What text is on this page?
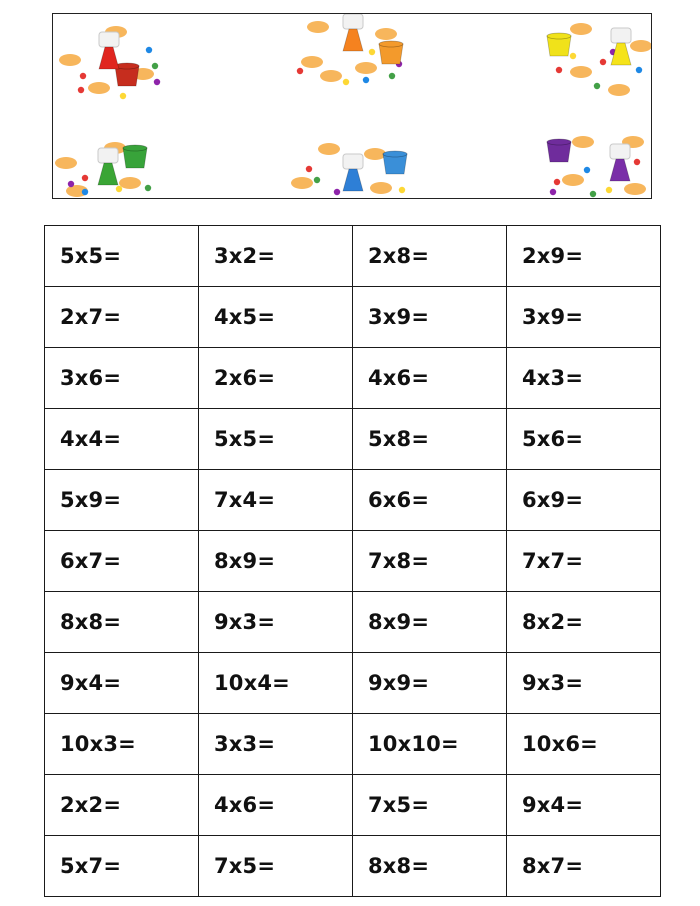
5x5=	3x2=	2x8=	2x9=
2x7=	4x5=	3x9=	3x9=
3x6=	2x6=	4x6=	4x3=
4x4=	5x5=	5x8=	5x6=
5x9=	7x4=	6x6=	6x9=
6x7=	8x9=	7x8=	7x7=
8x8=	9x3=	8x9=	8x2=
9x4=	10x4=	9x9=	9x3=
10x3=	3x3=	10x10=	10x6=
2x2=	4x6=	7x5=	9x4=
5x7=	7x5=	8x8=	8x7=
